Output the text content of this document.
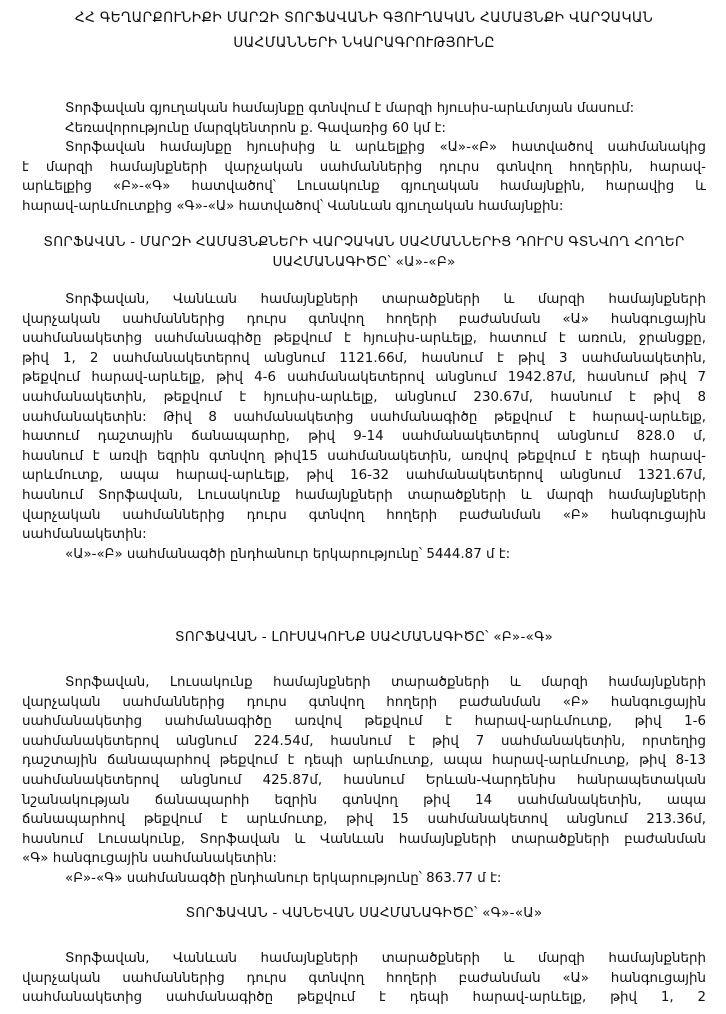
ՀՀ ԳԵՂԱՐՔՈՒՆԻՔԻ ՄԱՐԶԻ ՏՈՐՖԱՎԱՆԻ ԳՅՈՒՂԱԿԱՆ ՀԱՄԱՅՆՔԻ ՎԱՐՉԱԿԱՆ
ՍԱՀՄԱՆՆԵՐԻ ՆԿԱՐԱԳՐՈՒԹՅՈՒՆԸ
Տորֆավան գյուղական համայնքը գտնվում է մարզի հյուսիս-արևմտյան մասում:
Հեռավորությունը մարզկենտրոն ք. Գավառից 60 կմ է:
Տորֆավան համայնքը հյուսիսից և արևելքից «Ա»-«Բ» հատվածով սահմանակից
է մարզի համայնքների վարչական սահմաններից դուրս գտնվող հողերին, հարավ-
արևելքից «Բ»-«Գ» հատվածով՝ Լուսակունք գյուղական համայնքին, հարավից և
հարավ-արևմուտքից «Գ»-«Ա» հատվածով՝ Վանևան գյուղական համայնքին:
ՏՈՐՖԱՎԱՆ - ՄԱՐԶԻ ՀԱՄԱՅՆՔՆԵՐԻ ՎԱՐՉԱԿԱՆ ՍԱՀՄԱՆՆԵՐԻՑ ԴՈՒՐՍ ԳՏՆՎՈՂ ՀՈՂԵՐ
ՍԱՀՄԱՆԱԳԻԾԸ՝ «Ա»-«Բ»
Տորֆավան, Վանևան համայնքների տարածքների և մարզի համայնքների
վարչական սահմաններից դուրս գտնվող հողերի բաժանման «Ա» հանգուցային
սահմանակետից սահմանագիծը թեքվում է հյուսիս-արևելք, հատում է առուն, ջրանցքը,
թիվ 1, 2 սահմանակետերով անցնում 1121.66մ, հասնում է թիվ 3 սահմանակետին,
թեքվում հարավ-արևելք, թիվ 4-6 սահմանակետերով անցնում 1942.87մ, հասնում թիվ 7
սահմանակետին, թեքվում է հյուսիս-արևելք, անցնում 230.67մ, հասնում է թիվ 8
սահմանակետին: Թիվ 8 սահմանակետից սահմանագիծը թեքվում է հարավ-արևելք,
հատում դաշտային ճանապարհը, թիվ 9-14 սահմանակետերով անցնում 828.0 մ,
հասնում է առվի եզրին գտնվող թիվ15 սահմանակետին, առվով թեքվում է դեպի հարավ-
արևմուտք, ապա հարավ-արևելք, թիվ 16-32 սահմանակետերով անցնում 1321.67մ,
հասնում Տորֆավան, Լուսակունք համայնքների տարածքների և մարզի համայնքների
վարչական սահմաններից դուրս գտնվող հողերի բաժանման «Բ» հանգուցային
սահմանակետին:
«Ա»-«Բ» սահմանագծի ընդհանուր երկարությունը՝ 5444.87 մ է:
ՏՈՐՖԱՎԱՆ - ԼՈՒՍԱԿՈՒՆՔ ՍԱՀՄԱՆԱԳԻԾԸ՝ «Բ»-«Գ»
Տորֆավան, Լուսակունք համայնքների տարածքների և մարզի համայնքների
վարչական սահմաններից դուրս գտնվող հողերի բաժանման «Բ» հանգուցային
սահմանակետից սահմանագիծը առվով թեքվում է հարավ-արևմուտք, թիվ 1-6
սահմանակետերով անցնում 224.54մ, հասնում է թիվ 7 սահմանակետին, որտեղից
դաշտային ճանապարհով թեքվում է դեպի արևմուտք, ապա հարավ-արևմուտք, թիվ 8-13
սահմանակետերով անցնում 425.87մ, հասնում Երևան-Վարդենիս հանրապետական
նշանակության ճանապարհի եզրին գտնվող թիվ 14 սահմանակետին, ապա
ճանապարհով թեքվում է արևմուտք, թիվ 15 սահմանակետով անցնում 213.36մ,
հասնում Լուսակունք, Տորֆավան և Վանևան համայնքների տարածքների բաժանման
«Գ» հանգուցային սահմանակետին:
«Բ»-«Գ» սահմանագծի ընդհանուր երկարությունը՝ 863.77 մ է:
ՏՈՐՖԱՎԱՆ - ՎԱՆԵՎԱՆ ՍԱՀՄԱՆԱԳԻԾԸ՝ «Գ»-«Ա»
Տորֆավան, Վանևան համայնքների տարածքների և մարզի համայնքների
վարչական սահմաններից դուրս գտնվող հողերի բաժանման «Ա» հանգուցային
սահմանակետից սահմանագիծը թեքվում է դեպի հարավ-արևելք, թիվ 1, 2
